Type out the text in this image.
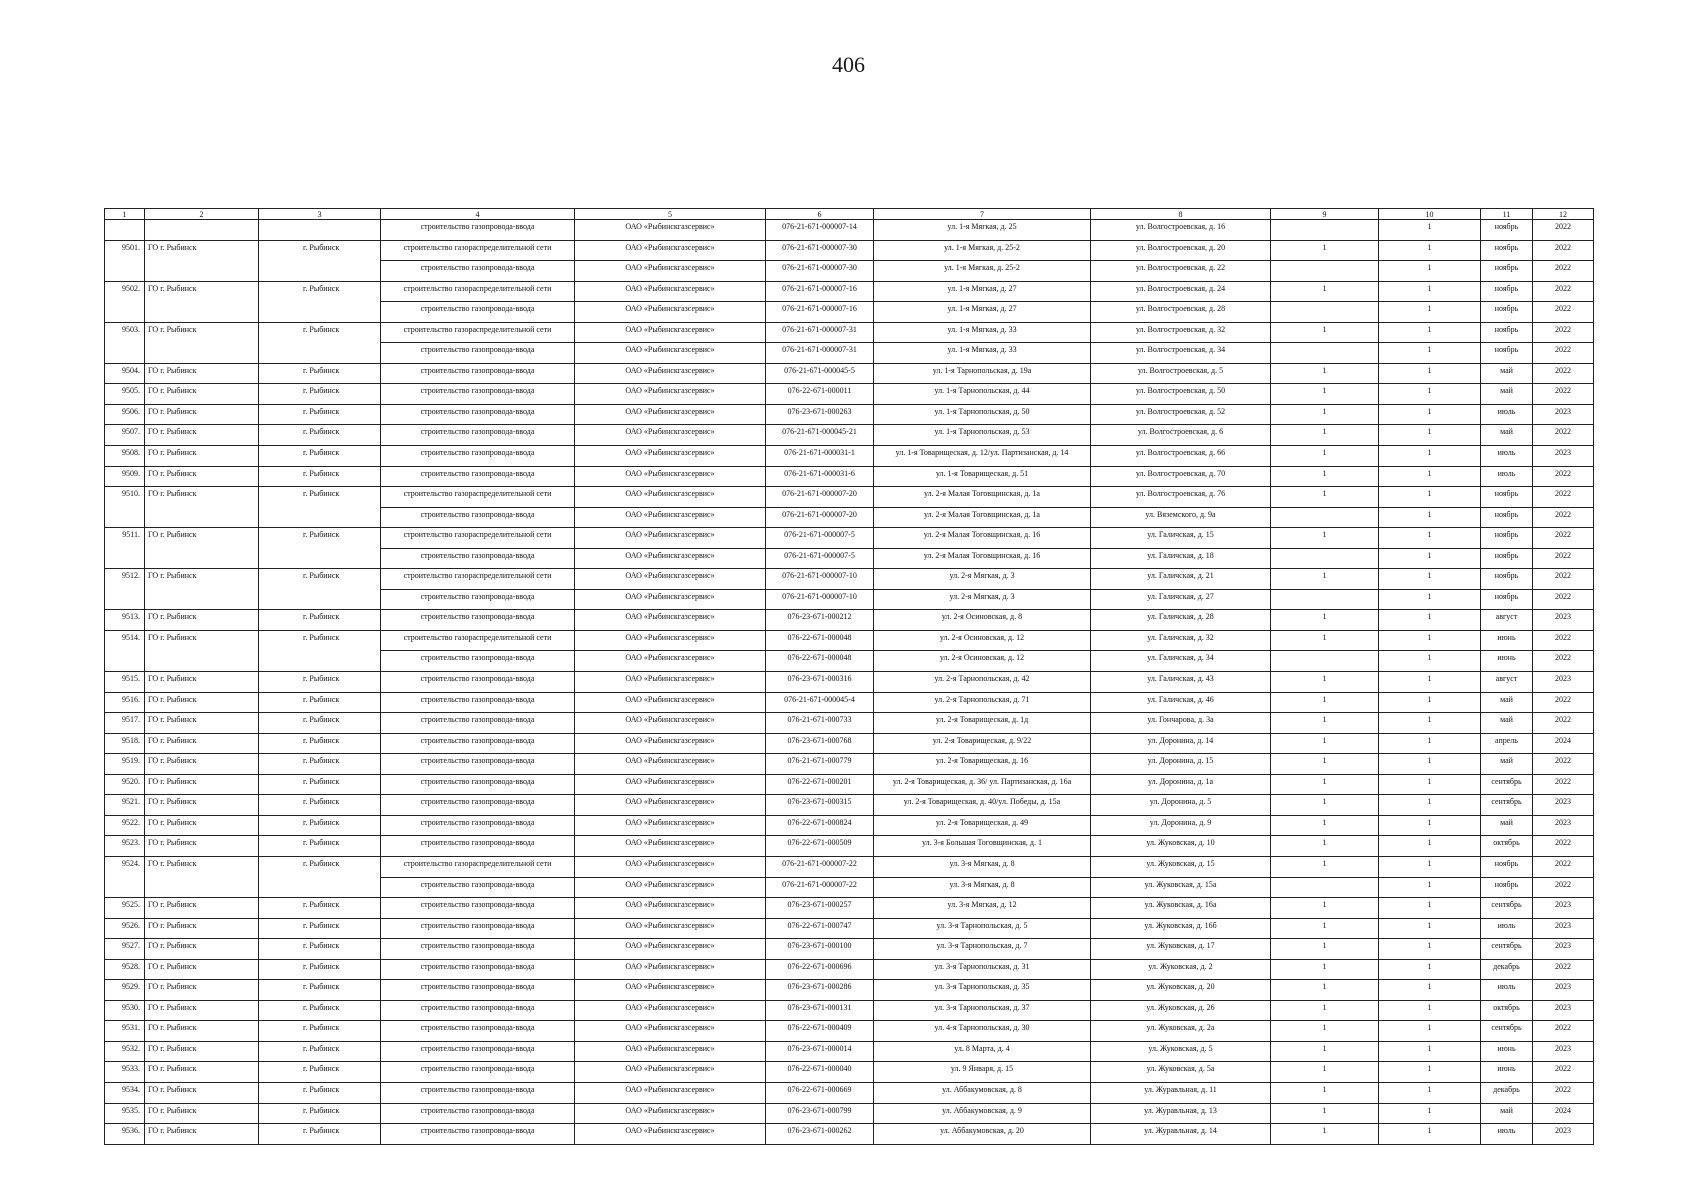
406
1	2	3	4	5	6	7	8	9	10	11	12
			строительство газопровода-ввода	ОАО «Рыбинскгазсервис»	076-21-671-000007-14	ул. 1-я Мягкая, д. 25	ул. Волгостроевская, д. 16		1	ноябрь	2022
9501.	ГО г. Рыбинск	г. Рыбинск	строительство газораспределительной сети	ОАО «Рыбинскгазсервис»	076-21-671-000007-30	ул. 1-я Мягкая, д. 25-2	ул. Волгостроевская, д. 20	1	1	ноябрь	2022
			строительство газопровода-ввода	ОАО «Рыбинскгазсервис»	076-21-671-000007-30	ул. 1-я Мягкая, д. 25-2	ул. Волгостроевская, д. 22		1	ноябрь	2022
9502.	ГО г. Рыбинск	г. Рыбинск	строительство газораспределительной сети	ОАО «Рыбинскгазсервис»	076-21-671-000007-16	ул. 1-я Мягкая, д. 27	ул. Волгостроевская, д. 24	1	1	ноябрь	2022
			строительство газопровода-ввода	ОАО «Рыбинскгазсервис»	076-21-671-000007-16	ул. 1-я Мягкая, д. 27	ул. Волгостроевская, д. 28		1	ноябрь	2022
9503.	ГО г. Рыбинск	г. Рыбинск	строительство газораспределительной сети	ОАО «Рыбинскгазсервис»	076-21-671-000007-31	ул. 1-я Мягкая, д. 33	ул. Волгостроевская, д. 32	1	1	ноябрь	2022
			строительство газопровода-ввода	ОАО «Рыбинскгазсервис»	076-21-671-000007-31	ул. 1-я Мягкая, д. 33	ул. Волгостроевская, д. 34		1	ноябрь	2022
9504.	ГО г. Рыбинск	г. Рыбинск	строительство газопровода-ввода	ОАО «Рыбинскгазсервис»	076-21-671-000045-5	ул. 1-я Тарнопольская, д. 19а	ул. Волгостроевская, д. 5	1	1	май	2022
9505.	ГО г. Рыбинск	г. Рыбинск	строительство газопровода-ввода	ОАО «Рыбинскгазсервис»	076-22-671-000011	ул. 1-я Тарнопольская, д. 44	ул. Волгостроевская, д. 50	1	1	май	2022
9506.	ГО г. Рыбинск	г. Рыбинск	строительство газопровода-ввода	ОАО «Рыбинскгазсервис»	076-23-671-000263	ул. 1-я Тарнопольская, д. 50	ул. Волгостроевская, д. 52	1	1	июль	2023
9507.	ГО г. Рыбинск	г. Рыбинск	строительство газопровода-ввода	ОАО «Рыбинскгазсервис»	076-21-671-000045-21	ул. 1-я Тарнопольская, д. 53	ул. Волгостроевская, д. 6	1	1	май	2022
9508.	ГО г. Рыбинск	г. Рыбинск	строительство газопровода-ввода	ОАО «Рыбинскгазсервис»	076-21-671-000031-1	ул. 1-я Товарищеская, д. 12/ул. Партизанская, д. 14	ул. Волгостроевская, д. 66	1	1	июль	2023
9509.	ГО г. Рыбинск	г. Рыбинск	строительство газопровода-ввода	ОАО «Рыбинскгазсервис»	076-21-671-000031-6	ул. 1-я Товарищеская, д. 51	ул. Волгостроевская, д. 70	1	1	июль	2022
9510.	ГО г. Рыбинск	г. Рыбинск	строительство газораспределительной сети	ОАО «Рыбинскгазсервис»	076-21-671-000007-20	ул. 2-я Малая Тоговщинская, д. 1а	ул. Волгостроевская, д. 76	1	1	ноябрь	2022
			строительство газопровода-ввода	ОАО «Рыбинскгазсервис»	076-21-671-000007-20	ул. 2-я Малая Тоговщинская, д. 1а	ул. Вяземского, д. 9а		1	ноябрь	2022
9511.	ГО г. Рыбинск	г. Рыбинск	строительство газораспределительной сети	ОАО «Рыбинскгазсервис»	076-21-671-000007-5	ул. 2-я Малая Тоговщинская, д. 16	ул. Галичская, д. 15	1	1	ноябрь	2022
			строительство газопровода-ввода	ОАО «Рыбинскгазсервис»	076-21-671-000007-5	ул. 2-я Малая Тоговщинская, д. 16	ул. Галичская, д. 18		1	ноябрь	2022
9512.	ГО г. Рыбинск	г. Рыбинск	строительство газораспределительной сети	ОАО «Рыбинскгазсервис»	076-21-671-000007-10	ул. 2-я Мягкая, д. 3	ул. Галичская, д. 21	1	1	ноябрь	2022
			строительство газопровода-ввода	ОАО «Рыбинскгазсервис»	076-21-671-000007-10	ул. 2-я Мягкая, д. 3	ул. Галичская, д. 27		1	ноябрь	2022
9513.	ГО г. Рыбинск	г. Рыбинск	строительство газопровода-ввода	ОАО «Рыбинскгазсервис»	076-23-671-000212	ул. 2-я Осиновская, д. 8	ул. Галичская, д. 28	1	1	август	2023
9514.	ГО г. Рыбинск	г. Рыбинск	строительство газораспределительной сети	ОАО «Рыбинскгазсервис»	076-22-671-000048	ул. 2-я Осиновская, д. 12	ул. Галичская, д. 32	1	1	июнь	2022
			строительство газопровода-ввода	ОАО «Рыбинскгазсервис»	076-22-671-000048	ул. 2-я Осиновская, д. 12	ул. Галичская, д. 34		1	июнь	2022
9515.	ГО г. Рыбинск	г. Рыбинск	строительство газопровода-ввода	ОАО «Рыбинскгазсервис»	076-23-671-000316	ул. 2-я Тарнопольская, д. 42	ул. Галичская, д. 43	1	1	август	2023
9516.	ГО г. Рыбинск	г. Рыбинск	строительство газопровода-ввода	ОАО «Рыбинскгазсервис»	076-21-671-000045-4	ул. 2-я Тарнопольская, д. 71	ул. Галичская, д. 46	1	1	май	2022
9517.	ГО г. Рыбинск	г. Рыбинск	строительство газопровода-ввода	ОАО «Рыбинскгазсервис»	076-21-671-000733	ул. 2-я Товарищеская, д. 1д	ул. Гончарова, д. 3а	1	1	май	2022
9518.	ГО г. Рыбинск	г. Рыбинск	строительство газопровода-ввода	ОАО «Рыбинскгазсервис»	076-23-671-000768	ул. 2-я Товарищеская, д. 9/22	ул. Доронина, д. 14	1	1	апрель	2024
9519.	ГО г. Рыбинск	г. Рыбинск	строительство газопровода-ввода	ОАО «Рыбинскгазсервис»	076-21-671-000779	ул. 2-я Товарищеская, д. 16	ул. Доронина, д. 15	1	1	май	2022
9520.	ГО г. Рыбинск	г. Рыбинск	строительство газопровода-ввода	ОАО «Рыбинскгазсервис»	076-22-671-000201	ул. 2-я Товарищеская, д. 36/ ул. Партизанская, д. 16а	ул. Доронина, д. 1а	1	1	сентябрь	2022
9521.	ГО г. Рыбинск	г. Рыбинск	строительство газопровода-ввода	ОАО «Рыбинскгазсервис»	076-23-671-000315	ул. 2-я Товарищеская, д. 40/ул. Победы, д. 15а	ул. Доронина, д. 5	1	1	сентябрь	2023
9522.	ГО г. Рыбинск	г. Рыбинск	строительство газопровода-ввода	ОАО «Рыбинскгазсервис»	076-22-671-000824	ул. 2-я Товарищеская, д. 49	ул. Доронина, д. 9	1	1	май	2023
9523.	ГО г. Рыбинск	г. Рыбинск	строительство газопровода-ввода	ОАО «Рыбинскгазсервис»	076-22-671-000509	ул. 3-я Большая Тоговщинская, д. 1	ул. Жуковская, д. 10	1	1	октябрь	2022
9524.	ГО г. Рыбинск	г. Рыбинск	строительство газораспределительной сети	ОАО «Рыбинскгазсервис»	076-21-671-000007-22	ул. 3-я Мягкая, д. 8	ул. Жуковская, д. 15	1	1	ноябрь	2022
			строительство газопровода-ввода	ОАО «Рыбинскгазсервис»	076-21-671-000007-22	ул. 3-я Мягкая, д. 8	ул. Жуковская, д. 15а		1	ноябрь	2022
9525.	ГО г. Рыбинск	г. Рыбинск	строительство газопровода-ввода	ОАО «Рыбинскгазсервис»	076-23-671-000257	ул. 3-я Мягкая, д. 12	ул. Жуковская, д. 16а	1	1	сентябрь	2023
9526.	ГО г. Рыбинск	г. Рыбинск	строительство газопровода-ввода	ОАО «Рыбинскгазсервис»	076-22-671-000747	ул. 3-я Тарнопольская, д. 5	ул. Жуковская, д. 16б	1	1	июль	2023
9527.	ГО г. Рыбинск	г. Рыбинск	строительство газопровода-ввода	ОАО «Рыбинскгазсервис»	076-23-671-000100	ул. 3-я Тарнопольская, д. 7	ул. Жуковская, д. 17	1	1	сентябрь	2023
9528.	ГО г. Рыбинск	г. Рыбинск	строительство газопровода-ввода	ОАО «Рыбинскгазсервис»	076-22-671-000696	ул. 3-я Тарнопольская, д. 31	ул. Жуковская, д. 2	1	1	декабрь	2022
9529.	ГО г. Рыбинск	г. Рыбинск	строительство газопровода-ввода	ОАО «Рыбинскгазсервис»	076-23-671-000286	ул. 3-я Тарнопольская, д. 35	ул. Жуковская, д. 20	1	1	июль	2023
9530.	ГО г. Рыбинск	г. Рыбинск	строительство газопровода-ввода	ОАО «Рыбинскгазсервис»	076-23-671-000131	ул. 3-я Тарнопольская, д. 37	ул. Жуковская, д. 26	1	1	октябрь	2023
9531.	ГО г. Рыбинск	г. Рыбинск	строительство газопровода-ввода	ОАО «Рыбинскгазсервис»	076-22-671-000409	ул. 4-я Тарнопольская, д. 30	ул. Жуковская, д. 2а	1	1	сентябрь	2022
9532.	ГО г. Рыбинск	г. Рыбинск	строительство газопровода-ввода	ОАО «Рыбинскгазсервис»	076-23-671-000014	ул. 8 Марта, д. 4	ул. Жуковская, д. 5	1	1	июнь	2023
9533.	ГО г. Рыбинск	г. Рыбинск	строительство газопровода-ввода	ОАО «Рыбинскгазсервис»	076-22-671-000040	ул. 9 Января, д. 15	ул. Жуковская, д. 5а	1	1	июнь	2022
9534.	ГО г. Рыбинск	г. Рыбинск	строительство газопровода-ввода	ОАО «Рыбинскгазсервис»	076-22-671-000669	ул. Аббакумовская, д. 8	ул. Журавльная, д. 11	1	1	декабрь	2022
9535.	ГО г. Рыбинск	г. Рыбинск	строительство газопровода-ввода	ОАО «Рыбинскгазсервис»	076-23-671-000799	ул. Аббакумовская, д. 9	ул. Журавльная, д. 13	1	1	май	2024
9536.	ГО г. Рыбинск	г. Рыбинск	строительство газопровода-ввода	ОАО «Рыбинскгазсервис»	076-23-671-000262	ул. Аббакумовская, д. 20	ул. Журавльная, д. 14	1	1	июль	2023
